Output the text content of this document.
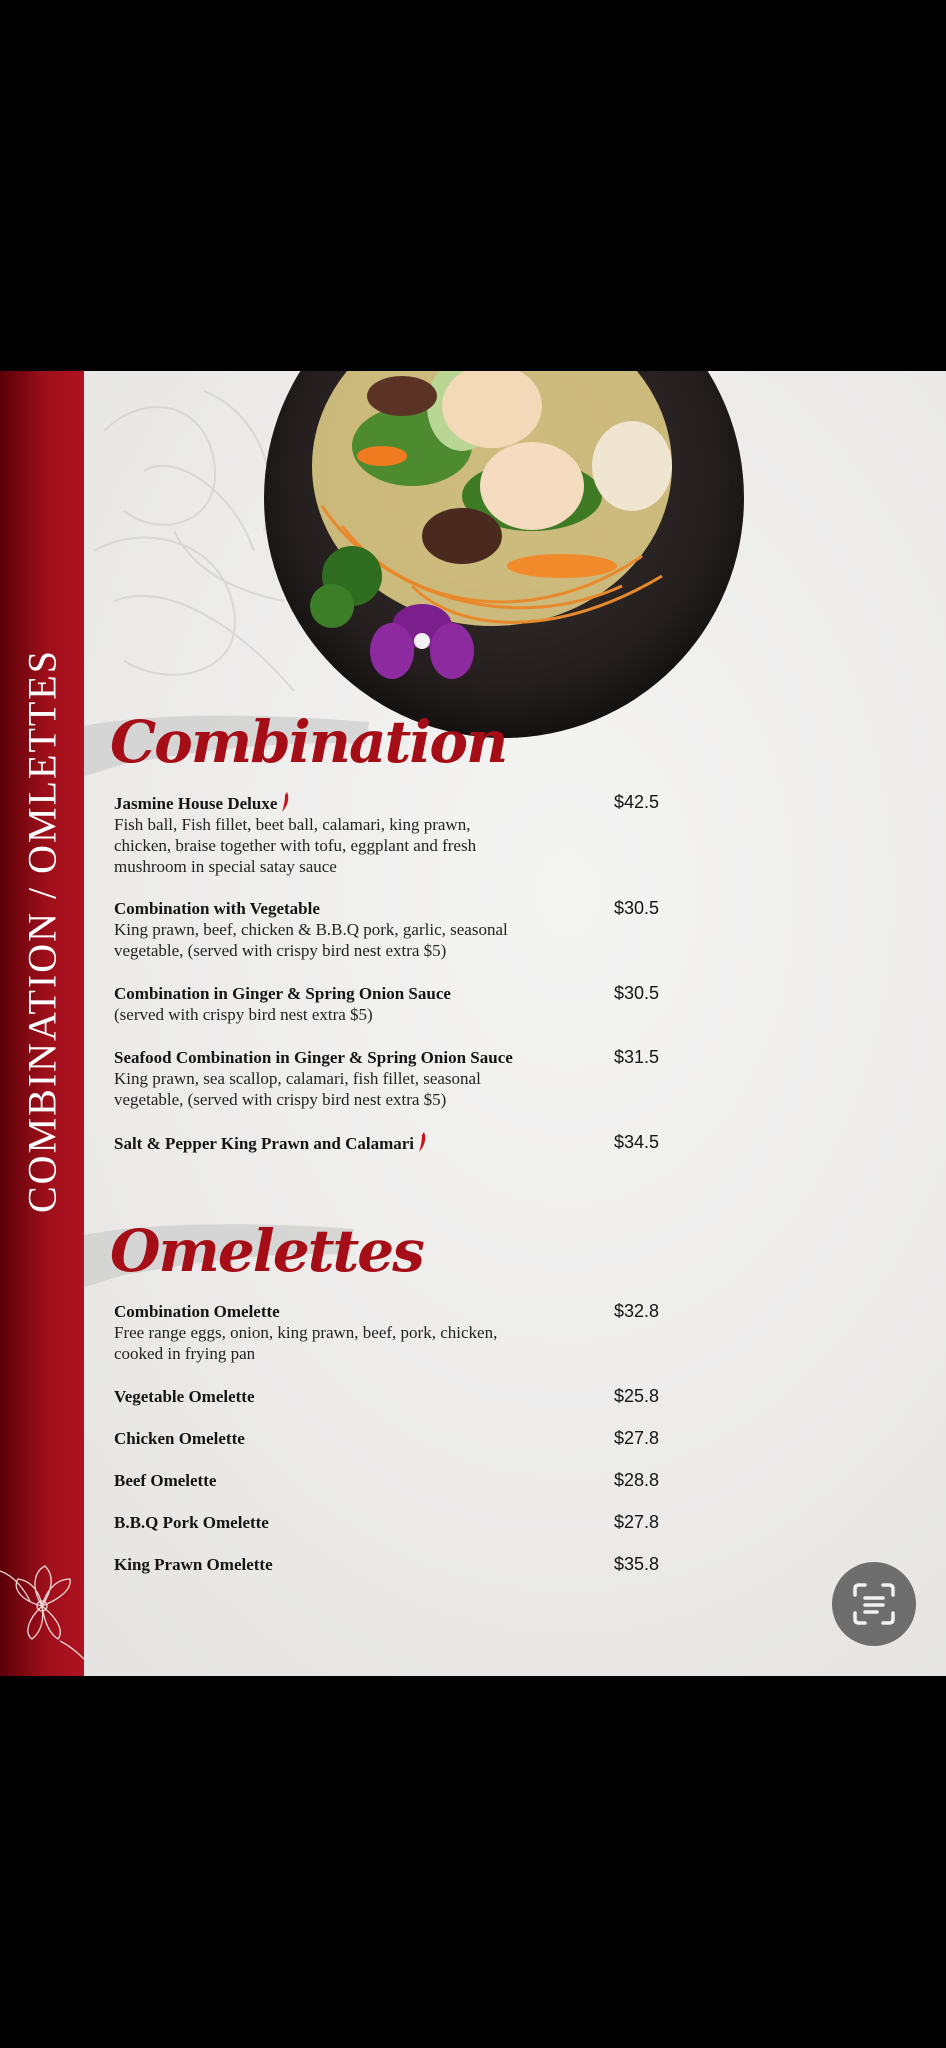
COMBINATION / OMLETTES Combination
Jasmine House Deluxe
Fish ball, Fish fillet, beet ball, calamari, king prawn,
chicken, braise together with tofu, eggplant and fresh
mushroom in special satay sauce
$42.5
Combination with Vegetable
King prawn, beef, chicken & B.B.Q pork, garlic, seasonal
vegetable, (served with crispy bird nest extra $5)
$30.5
Combination in Ginger & Spring Onion Sauce
(served with crispy bird nest extra $5)
$30.5
Seafood Combination in Ginger & Spring Onion Sauce
King prawn, sea scallop, calamari, fish fillet, seasonal
vegetable, (served with crispy bird nest extra $5)
$31.5
Salt & Pepper King Prawn and Calamari	$34.5
Omelettes
Combination Omelette
Free range eggs, onion, king prawn, beef, pork, chicken,
cooked in frying pan
$32.8
Vegetable Omelette	$25.8
Chicken Omelette	$27.8
Beef Omelette	$28.8
B.B.Q Pork Omelette	$27.8
King Prawn Omelette	$35.8
